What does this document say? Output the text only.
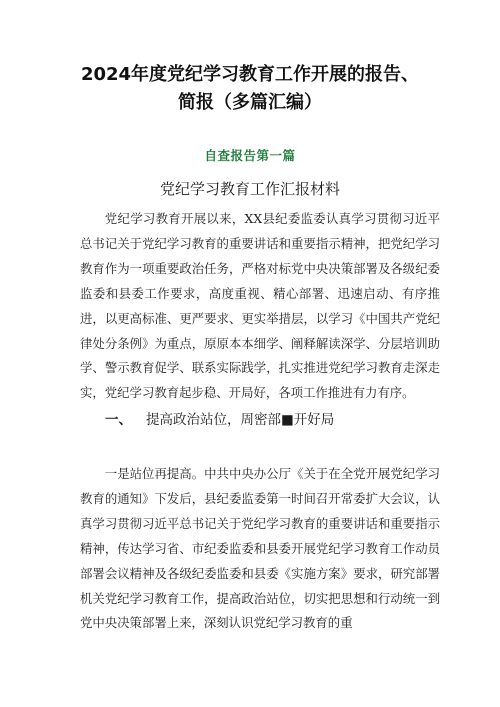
2024年度党纪学习教育工作开展的报告、
简报（多篇汇编）
自查报告第一篇
党纪学习教育工作汇报材料

党纪学习教育开展以来，XX县纪委监委认真学习贯彻习近平总书记关于党纪学习教育的重要讲话和重要指示精神，把党纪学习教育作为一项重要政治任务，严格对标党中央决策部署及各级纪委监委和县委工作要求，高度重视、精心部署、迅速启动、有序推进，以更高标准、更严要求、更实举措层，以学习《中国共产党纪律处分条例》为重点，原原本本细学、阐释解读深学、分层培训助学、警示教育促学、联系实际践学，扎实推进党纪学习教育走深走实，党纪学习教育起步稳、开局好，各项工作推进有力有序。

一、 提高政治站位，周密部■开好局

一是站位再提高。中共中央办公厅《关于在全党开展党纪学习教育的通知》下发后，县纪委监委第一时间召开常委扩大会议，认真学习贯彻习近平总书记关于党纪学习教育的重要讲话和重要指示精神，传达学习省、市纪委监委和县委开展党纪学习教育工作动员部署会议精神及各级纪委监委和县委《实施方案》要求，研究部署机关党纪学习教育工作，提高政治站位，切实把思想和行动统一到党中央决策部署上来，深刻认识党纪学习教育的重
